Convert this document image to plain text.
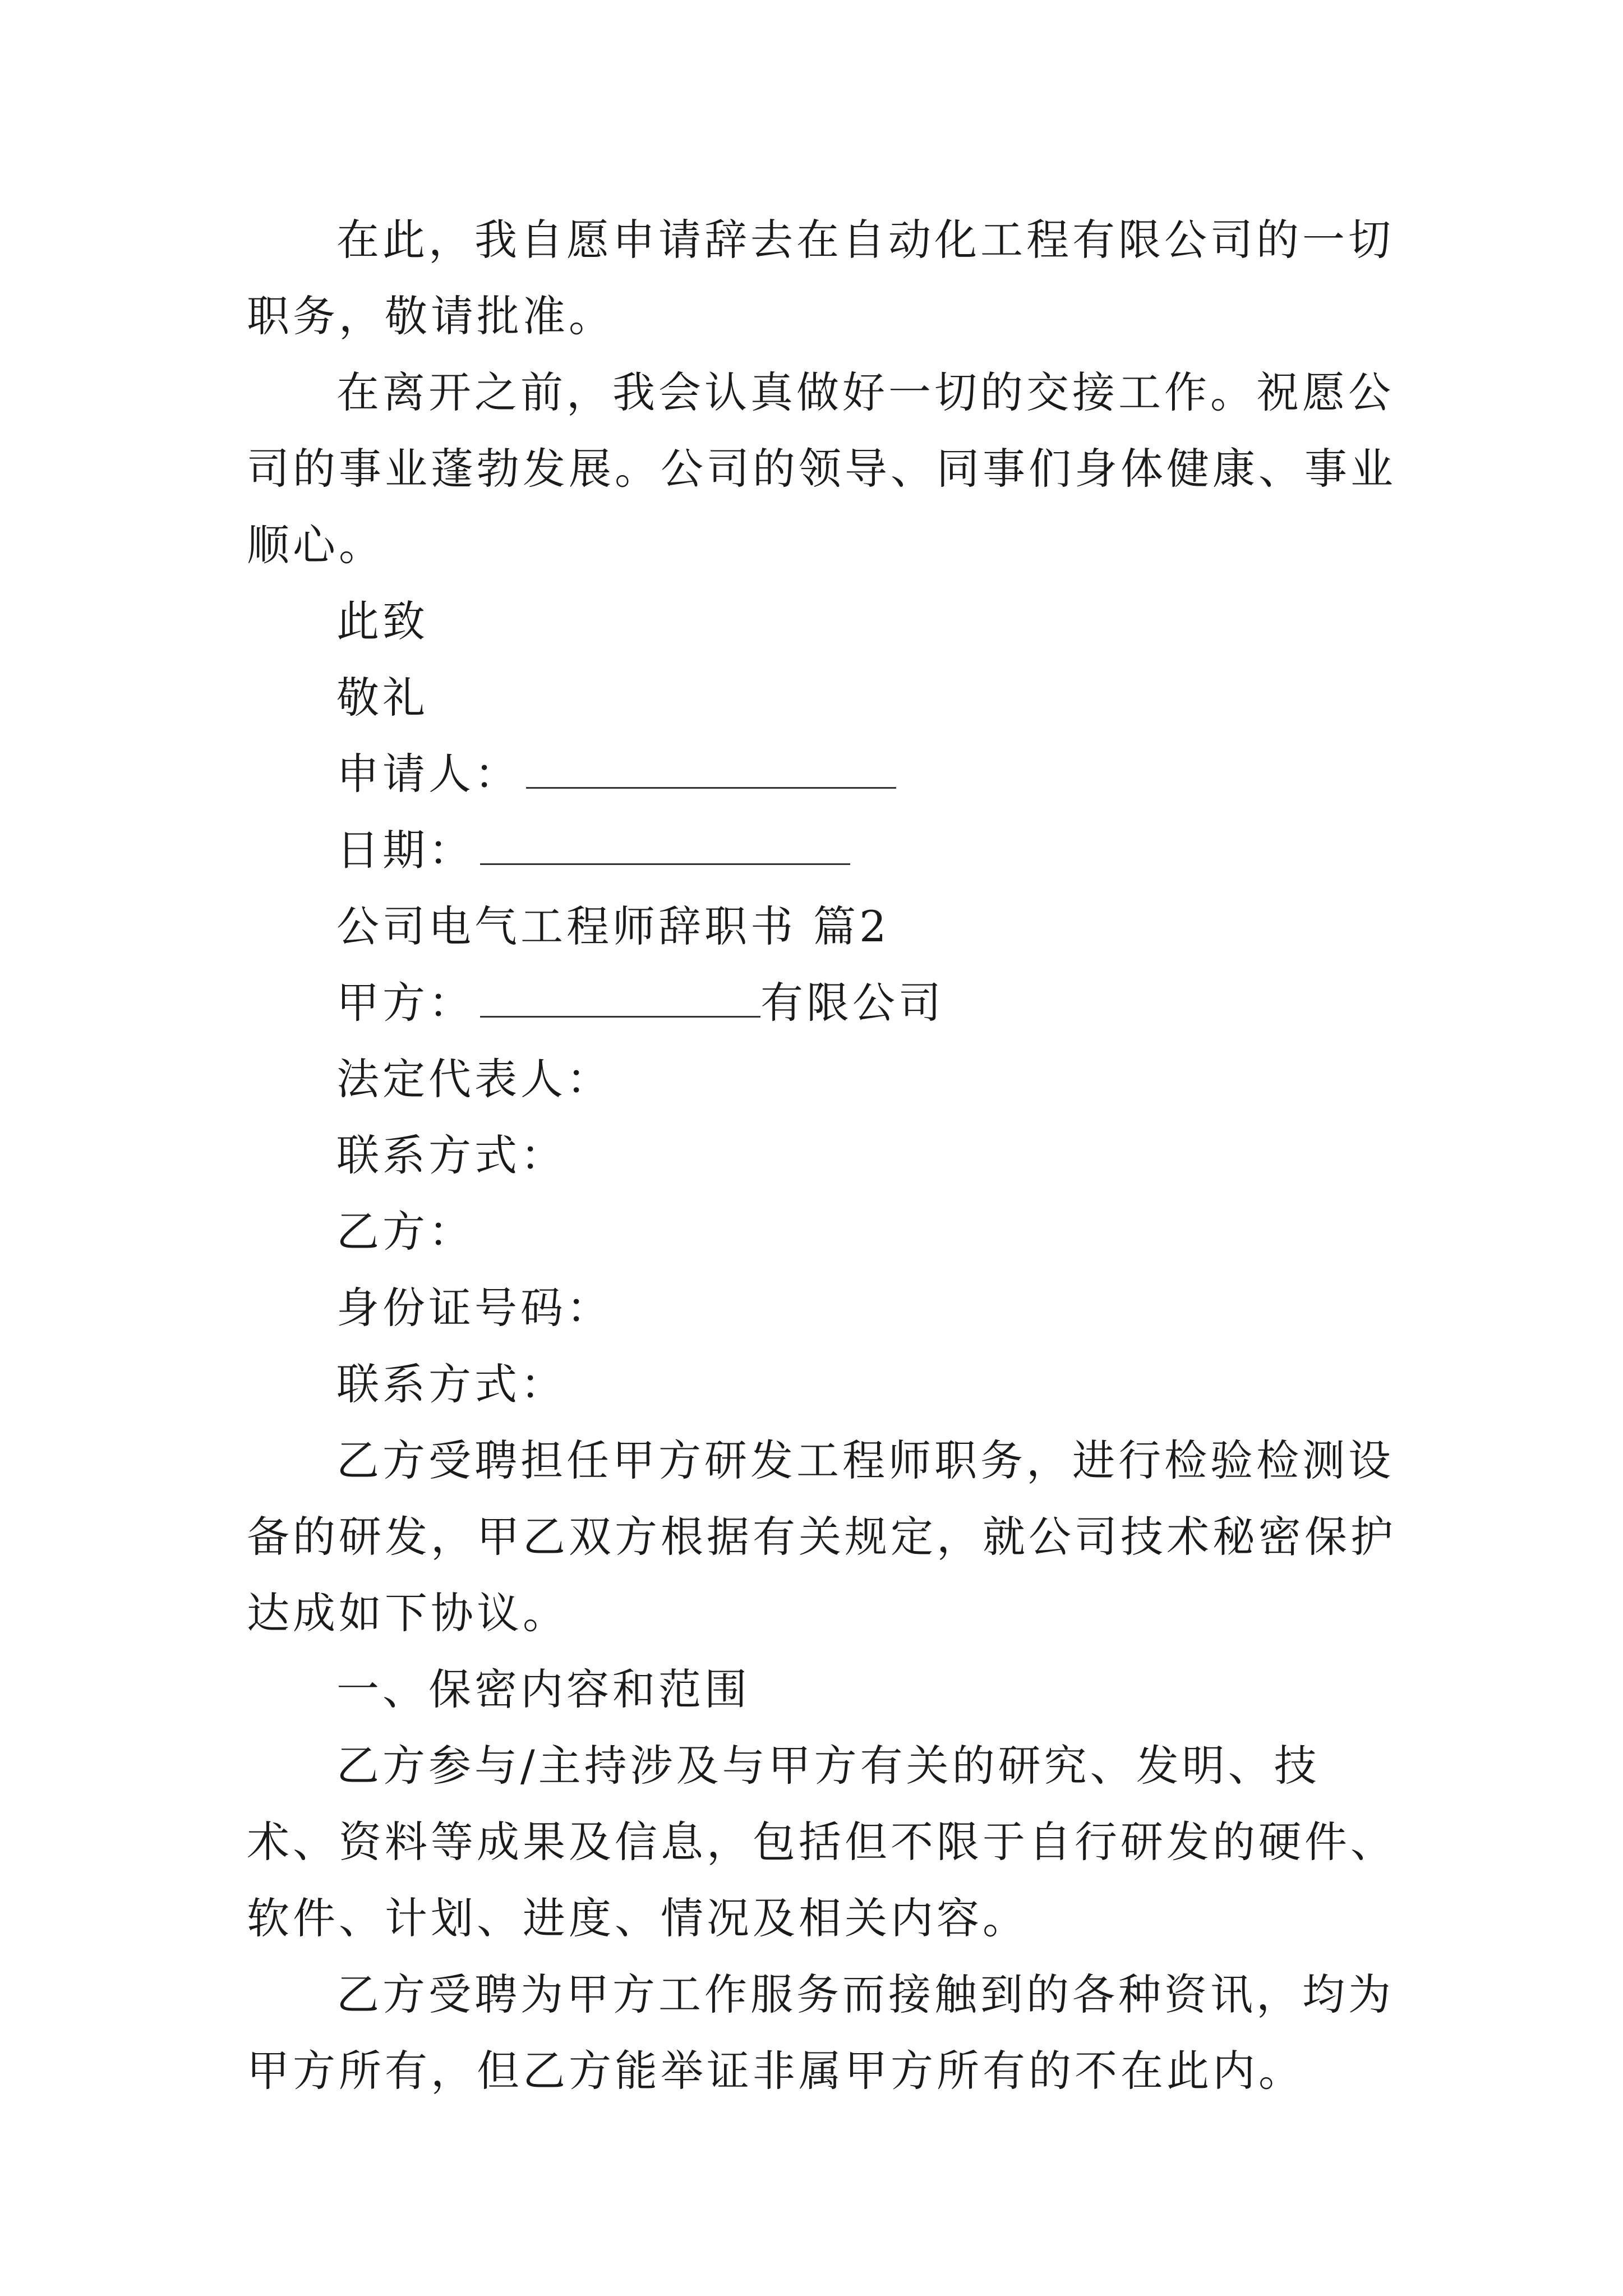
在此，我自愿申请辞去在自动化工程有限公司的一切职务，敬请批准。

在离开之前，我会认真做好一切的交接工作。祝愿公司的事业蓬勃发展。公司的领导、同事们身体健康、事业顺心。

此致

敬礼

申请人：

日期：

公司电气工程师辞职书 篇2

甲方：	有限公司

法定代表人：

联系方式：

乙方：

身份证号码：

联系方式：

乙方受聘担任甲方研发工程师职务，进行检验检测设备的研发，甲乙双方根据有关规定，就公司技术秘密保护达成如下协议。

一、保密内容和范围

乙方参与/主持涉及与甲方有关的研究、发明、技术、资料等成果及信息，包括但不限于自行研发的硬件、软件、计划、进度、情况及相关内容。

乙方受聘为甲方工作服务而接触到的各种资讯，均为甲方所有，但乙方能举证非属甲方所有的不在此内。
